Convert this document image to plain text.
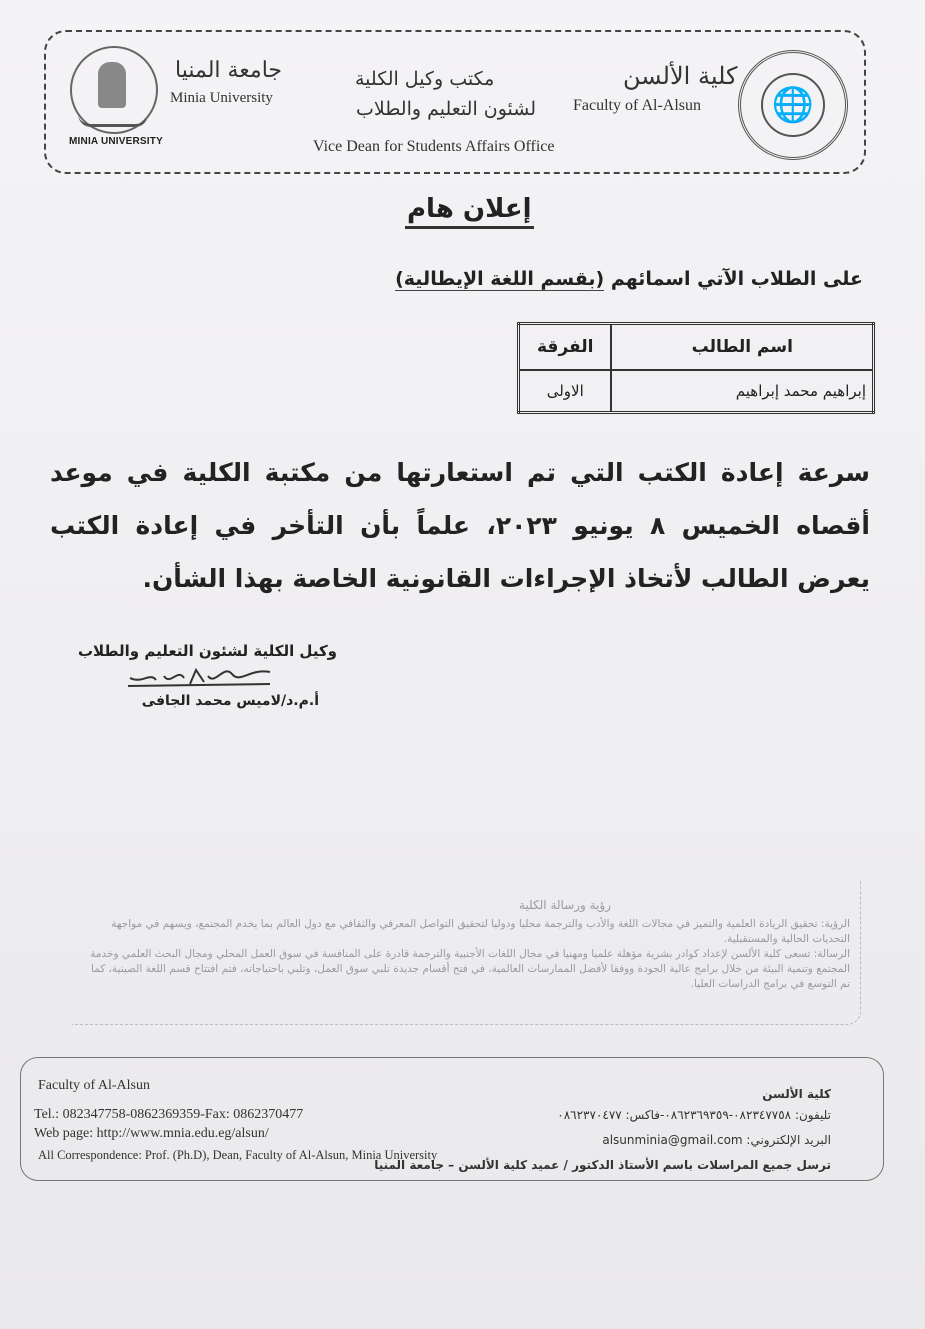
MINIA UNIVERSITY
جامعة المنيا
Minia University
مكتب وكيل الكلية
لشئون التعليم والطلاب
Vice Dean for Students Affairs Office
كلية الألسن
Faculty of Al-Alsun	🌐
إعلان هام
على الطلاب الآتي اسمائهم (بقسم اللغة الإيطالية)
اسم الطالب	الفرقة
إبراهيم محمد إبراهيم	الاولى
سرعة إعادة الكتب التي تم استعارتها من مكتبة الكلية في موعد أقصاه الخميس ٨ يونيو ٢٠٢٣، علماً بأن التأخر في إعادة الكتب يعرض الطالب لأتخاذ الإجراءات القانونية الخاصة بهذا الشأن.
وكيل الكلية لشئون التعليم والطلاب
أ.م.د/لاميس محمد الجافى
رؤية ورسالة الكلية

الرؤية: تحقيق الريادة العلمية والتميز في مجالات اللغة والأدب والترجمة محليا ودوليا لتحقيق التواصل المعرفي والثقافي مع دول العالم بما يخدم المجتمع، ويسهم في مواجهة التحديات الحالية والمستقبلية.

الرسالة: تسعى كلية الألسن لإعداد كوادر بشرية مؤهلة علميا ومهنيا في مجال اللغات الأجنبية والترجمة قادرة على المنافسة في سوق العمل المحلي ومجال البحث العلمي وخدمة المجتمع وتنمية البيئة من خلال برامج عالية الجودة ووفقا لأفضل الممارسات العالمية، في فتح أقسام جديدة تلبي سوق العمل، وتلبي باحتياجاته، فتم افتتاح قسم اللغة الصينية، كما تم التوسع في برامج الدراسات العليا.

Faculty of Al-Alsun
Tel.: 082347758-0862369359-Fax: 0862370477
Web page: http://www.mnia.edu.eg/alsun/
All Correspondence: Prof. (Ph.D), Dean, Faculty of Al-Alsun, Minia University
كلية الألسن
تليفون: ٠٨٢٣٤٧٧٥٨-٠٨٦٢٣٦٩٣٥٩-فاكس: ٠٨٦٢٣٧٠٤٧٧
البريد الإلكتروني: alsunminia@gmail.com
ترسل جميع المراسلات باسم الأستاذ الدكتور / عميد كلية الألسن – جامعة المنيا
